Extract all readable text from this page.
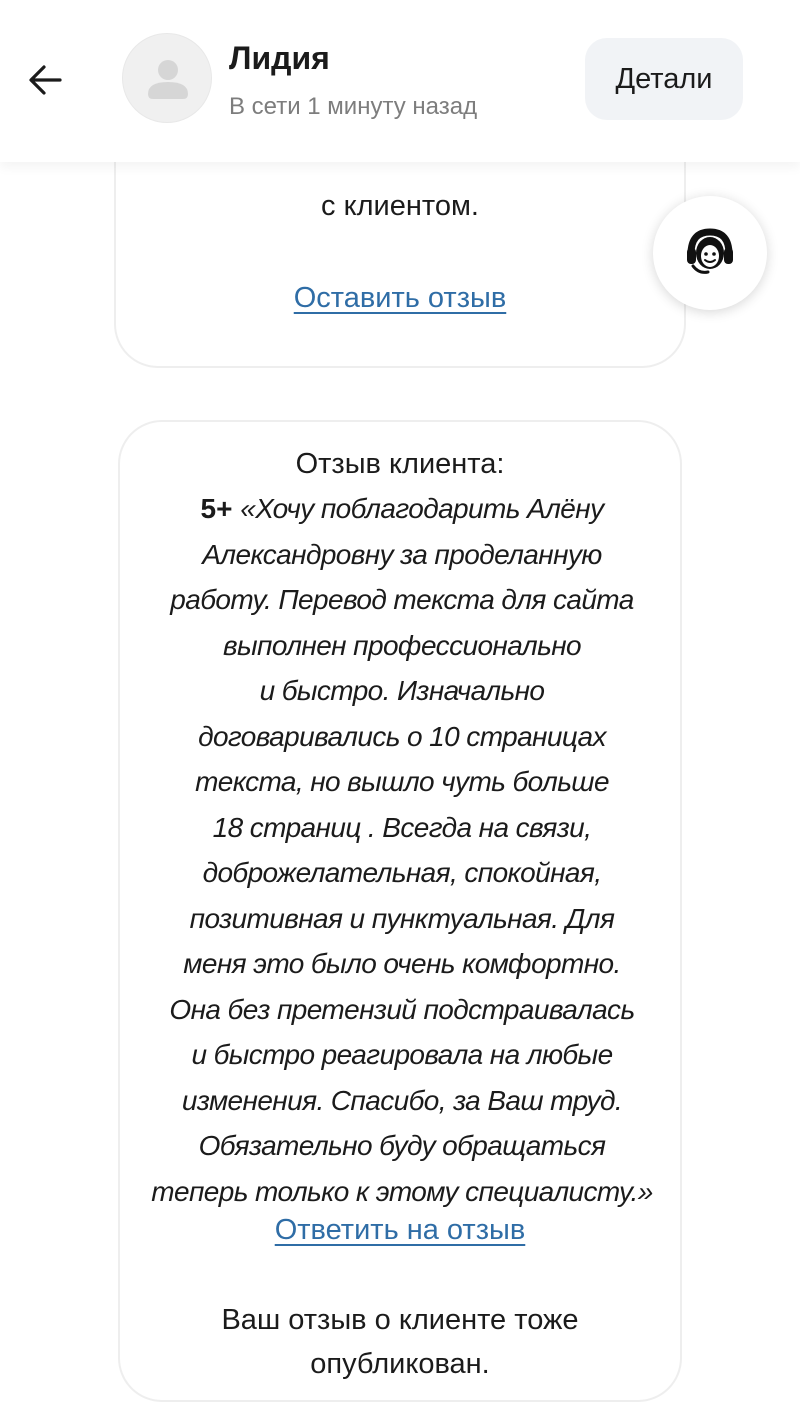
с клиентом.
Оставить отзыв
Отзыв клиента:
5+ «Хочу поблагодарить Алёну
Александровну за проделанную
работу. Перевод текста для сайта
выполнен профессионально
и быстро. Изначально
договаривались о 10 страницах
текста, но вышло чуть больше
18 страниц . Всегда на связи,
доброжелательная, спокойная,
позитивная и пунктуальная. Для
меня это было очень комфортно.
Она без претензий подстраивалась
и быстро реагировала на любые
изменения. Спасибо, за Ваш труд.
Обязательно буду обращаться
теперь только к этому специалисту.»
Ответить на отзыв
Ваш отзыв о клиенте тоже
опубликован.
Лидия
В сети 1 минуту назад
Детали
